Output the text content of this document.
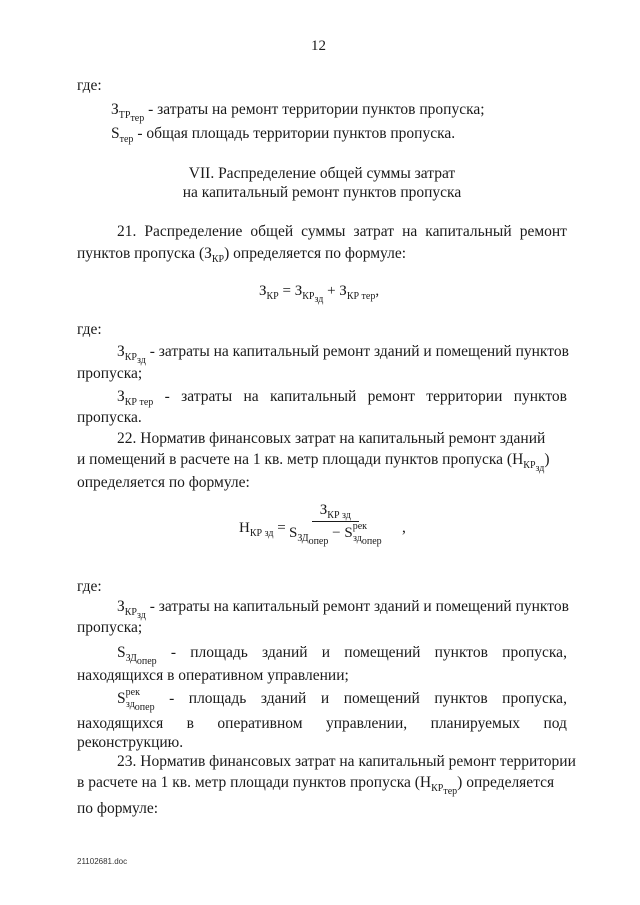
12
где:
$З_{ТР_{тер}}$ - затраты на ремонт территории пунктов пропуска;
$S_{тер}$ - общая площадь территории пунктов пропуска.
VII. Распределение общей суммы затрат
на капитальный ремонт пунктов пропуска
21. Распределение общей суммы затрат на капитальный ремонт
пунктов пропуска $(З_{КР})$ определяется по формуле:
$З_{КР} = З_{КР_{зд}} + З_{КР тер}$,
где:
$З_{КР_{зд}}$ - затраты на капитальный ремонт зданий и помещений пунктов
пропуска;
$З_{КР тер}$ - затраты на капитальный ремонт территории пунктов
пропуска.
22. Норматив финансовых затрат на капитальный ремонт зданий
и помещений в расчете на 1 кв. метр площади пунктов пропуска $(Н_{КР_{зд}})$
определяется по формуле:
$Н_{КР зд}$ =
$З_{КР зд}$
$S_{ЗД_{опер}} - S^{рек}_{зд_{опер}}$
,
где:
$З_{КР_{зд}}$ - затраты на капитальный ремонт зданий и помещений пунктов
пропуска;
$S_{ЗД_{опер}}$
- площадь зданий и помещений пунктов пропуска,
находящихся в оперативном управлении;
$S^{рек}_{зд_{опер}}$
- площадь зданий и помещений пунктов пропуска,
находящихся в оперативном управлении, планируемых под
реконструкцию.
23. Норматив финансовых затрат на капитальный ремонт территории
в расчете на 1 кв. метр площади пунктов пропуска $(Н_{КР_{тер}})$ определяется
по формуле:
21102681.doc
